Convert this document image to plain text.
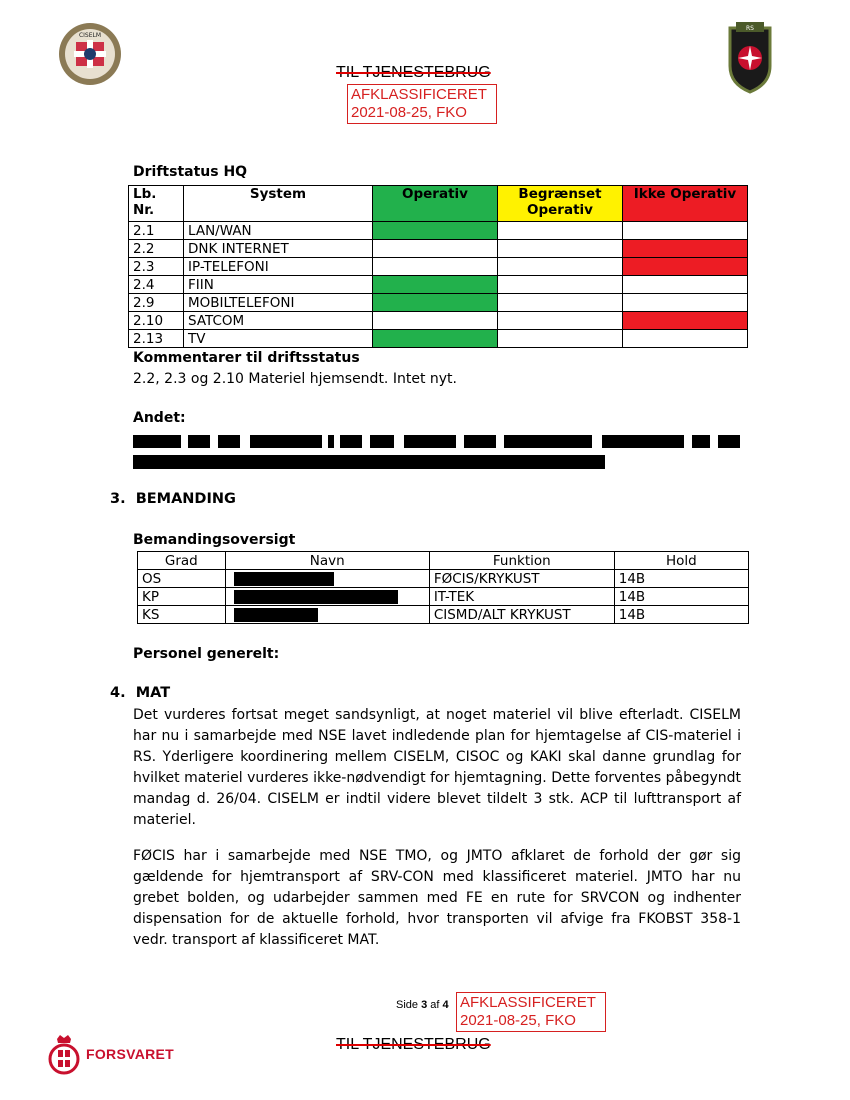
CISELM
RS
TIL TJENESTEBRUG
AFKLASSIFICERET
2021-08-25, FKO
Driftstatus HQ
Lb. Nr.	System	Operativ	Begrænset Operativ	Ikke Operativ
2.1	LAN/WAN			
2.2	DNK INTERNET			
2.3	IP-TELEFONI			
2.4	FIIN			
2.9	MOBILTELEFONI			
2.10	SATCOM			
2.13	TV			
Kommentarer til driftsstatus
2.2, 2.3 og 2.10 Materiel hjemsendt. Intet nyt.
Andet:
3.  BEMANDING
Bemandingsoversigt
Grad	Navn	Funktion	Hold
OS		FØCIS/KRYKUST	14B
KP		IT-TEK	14B
KS		CISMD/ALT KRYKUST	14B
Personel generelt:
4.  MAT
Det vurderes fortsat meget sandsynligt, at noget materiel vil blive efterladt. CISELM har nu i samarbejde med NSE lavet indledende plan for hjemtagelse af CIS-materiel i RS. Yderligere koordinering mellem CISELM, CISOC og KAKI skal danne grundlag for hvilket materiel vurderes ikke-nødvendigt for hjemtagning. Dette forventes påbegyndt mandag d. 26/04. CISELM er indtil videre blevet tildelt 3 stk. ACP til lufttransport af materiel.
FØCIS har i samarbejde med NSE TMO, og JMTO afklaret de forhold der gør sig gældende for hjemtransport af SRV-CON med klassificeret materiel. JMTO har nu grebet bolden, og udarbejder sammen med FE en rute for SRVCON og indhenter dispensation for de aktuelle forhold, hvor transporten vil afvige fra FKOBST 358-1 vedr. transport af klassificeret MAT.
Side 3 af 4 AFKLASSIFICERET
2021-08-25, FKO
TIL TJENESTEBRUG
FORSVARET
